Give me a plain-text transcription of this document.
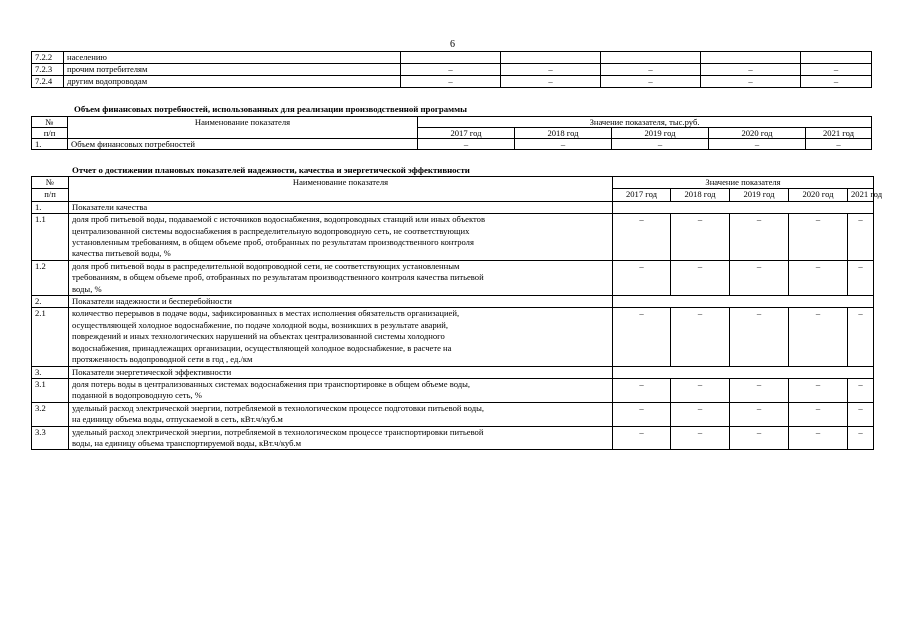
6
7.2.2	населению					
7.2.3	прочим потребителям	–	–	–	–	–
7.2.4	другим водопроводам	–	–	–	–	–
Объем финансовых потребностей, использованных для реализации производственной программы
№	Наименование показателя	Значение показателя, тыс.руб.				
п/п		2017 год	2018 год	2019 год	2020 год	2021 год
1.	Объем финансовых потребностей	–	–	–	–	–
Отчет о достижении плановых показателей надежности, качества и энергетической эффективности
№	Наименование показателя	Значение показателя				
п/п		2017 год	2018 год	2019 год	2020 год	2021 год
1.	Показатели качества					
1.1	доля проб питьевой воды, подаваемой с источников водоснабжения, водопроводных станций или иных объектов
централизованной системы водоснабжения в распределительную водопроводную сеть, не соответствующих
установленным требованиям, в общем объеме проб, отобранных по результатам производственного контроля
качества питьевой воды, %	–	–	–	–	–
1.2	доля проб питьевой воды в распределительной водопроводной сети, не соответствующих установленным
требованиям, в общем объеме проб, отобранных по результатам производственного контроля качества питьевой
воды, %	–	–	–	–	–
2.	Показатели надежности и бесперебойности					
2.1	количество перерывов в подаче воды, зафиксированных в местах исполнения обязательств организацией,
осуществляющей холодное водоснабжение, по подаче холодной воды, возникших в результате аварий,
повреждений и иных технологических нарушений на объектах централизованной системы холодного
водоснабжения, принадлежащих организации, осуществляющей холодное водоснабжение, в расчете на
протяженность водопроводной сети в год , ед./км	–	–	–	–	–
3.	Показатели энергетической эффективности					
3.1	доля потерь воды в централизованных системах водоснабжения при транспортировке в общем объеме воды,
поданной в водопроводную сеть, %	–	–	–	–	–
3.2	удельный расход электрической энергии, потребляемой в технологическом процессе подготовки питьевой воды,
на единицу объема воды, отпускаемой в сеть, кВт.ч/куб.м	–	–	–	–	–
3.3	удельный расход электрической энергии, потребляемой в технологическом процессе транспортировки питьевой
воды, на единицу объема транспортируемой воды, кВт.ч/куб.м	–	–	–	–	–
